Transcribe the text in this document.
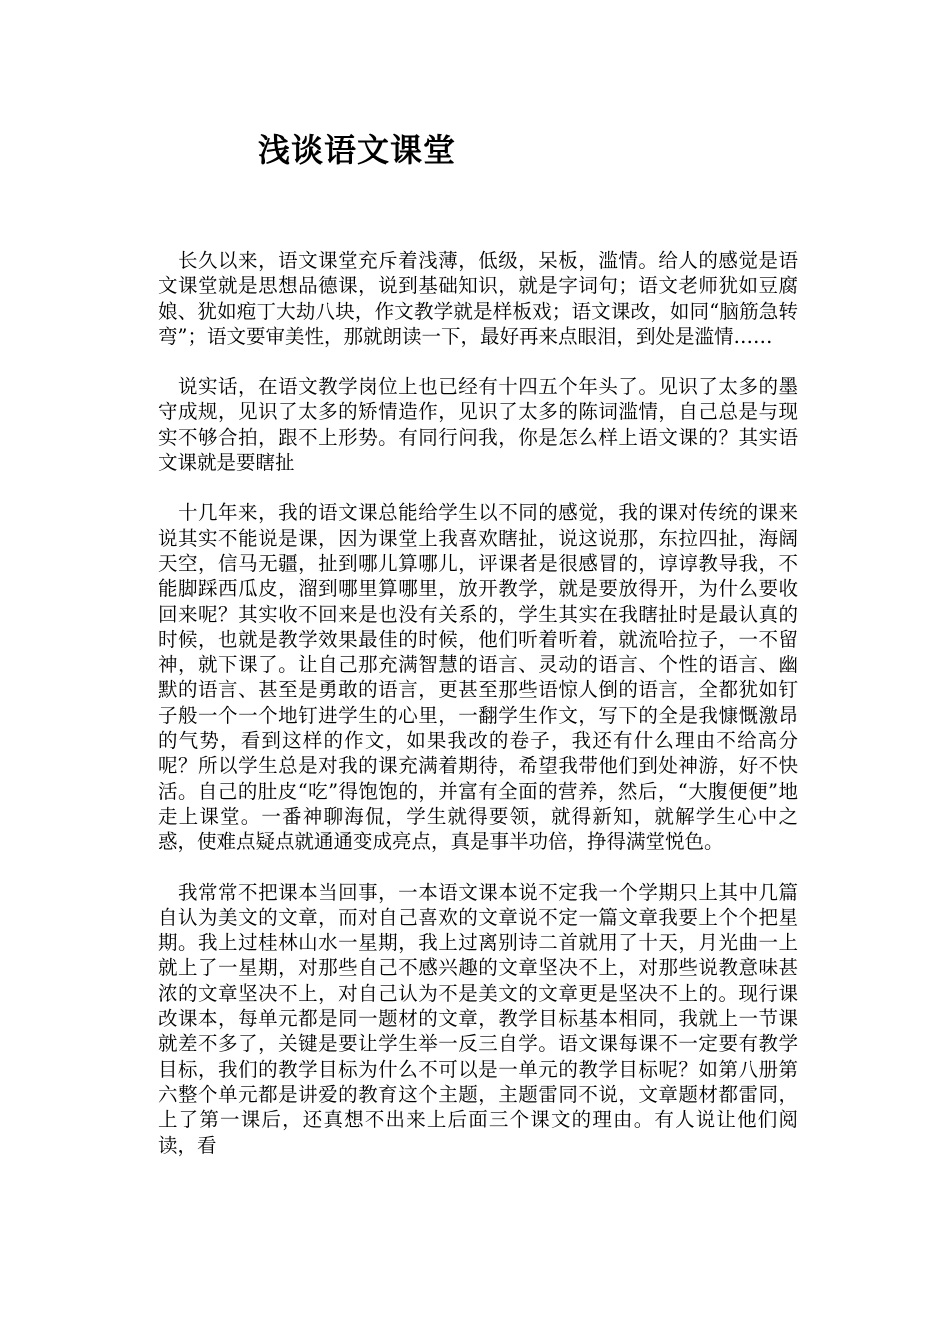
浅谈语文课堂

长久以来，语文课堂充斥着浅薄，低级，呆板，滥情。给人的感觉是语文课堂就是思想品德课，说到基础知识，就是字词句；语文老师犹如豆腐娘、犹如疱丁大劫八块，作文教学就是样板戏；语文课改，如同“脑筋急转弯”；语文要审美性，那就朗读一下，最好再来点眼泪，到处是滥情……

说实话，在语文教学岗位上也已经有十四五个年头了。见识了太多的墨守成规，见识了太多的矫情造作，见识了太多的陈词滥情，自己总是与现实不够合拍，跟不上形势。有同行问我，你是怎么样上语文课的？其实语文课就是要瞎扯

十几年来，我的语文课总能给学生以不同的感觉，我的课对传统的课来说其实不能说是课，因为课堂上我喜欢瞎扯，说这说那，东拉四扯，海阔天空，信马无疆，扯到哪儿算哪儿，评课者是很感冒的，谆谆教导我，不能脚踩西瓜皮，溜到哪里算哪里，放开教学，就是要放得开，为什么要收回来呢？其实收不回来是也没有关系的，学生其实在我瞎扯时是最认真的时候，也就是教学效果最佳的时候，他们听着听着，就流哈拉子，一不留神，就下课了。让自己那充满智慧的语言、灵动的语言、个性的语言、幽默的语言、甚至是勇敢的语言，更甚至那些语惊人倒的语言，全都犹如钉子般一个一个地钉进学生的心里，一翻学生作文，写下的全是我慷慨激昂的气势，看到这样的作文，如果我改的卷子，我还有什么理由不给高分呢？所以学生总是对我的课充满着期待，希望我带他们到处神游，好不快活。自己的肚皮“吃”得饱饱的，并富有全面的营养，然后，“大腹便便”地走上课堂。一番神聊海侃，学生就得要领，就得新知，就解学生心中之惑，使难点疑点就通通变成亮点，真是事半功倍，挣得满堂悦色。

我常常不把课本当回事，一本语文课本说不定我一个学期只上其中几篇自认为美文的文章，而对自己喜欢的文章说不定一篇文章我要上个个把星期。我上过桂林山水一星期，我上过离别诗二首就用了十天，月光曲一上就上了一星期，对那些自己不感兴趣的文章坚决不上，对那些说教意味甚浓的文章坚决不上，对自己认为不是美文的文章更是坚决不上的。现行课改课本，每单元都是同一题材的文章，教学目标基本相同，我就上一节课就差不多了，关键是要让学生举一反三自学。语文课每课不一定要有教学目标，我们的教学目标为什么不可以是一单元的教学目标呢？如第八册第六整个单元都是讲爱的教育这个主题，主题雷同不说，文章题材都雷同，上了第一课后，还真想不出来上后面三个课文的理由。有人说让他们阅读，看
